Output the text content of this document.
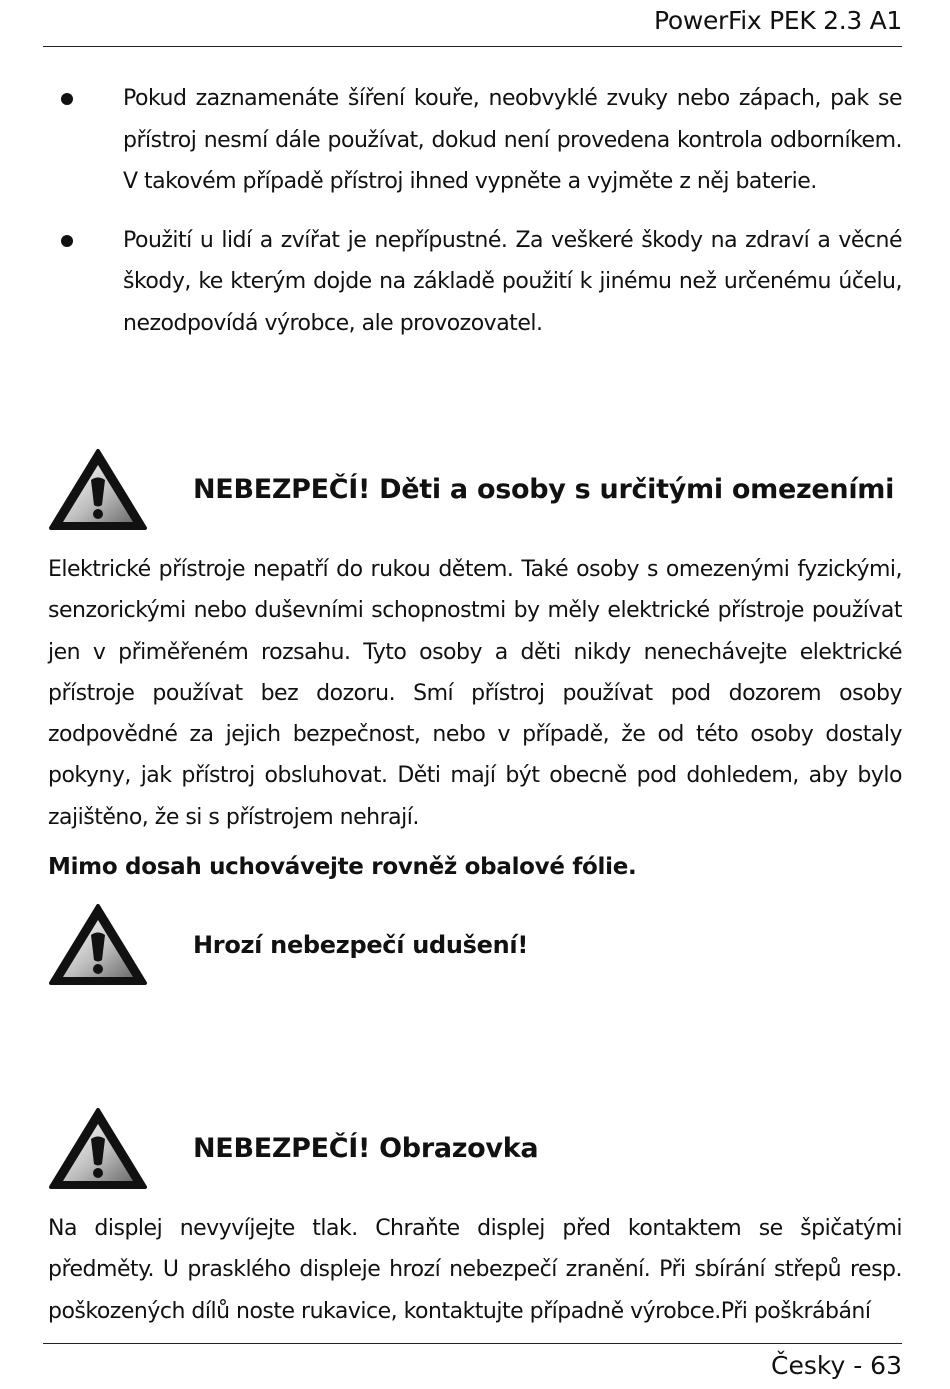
PowerFix PEK 2.3 A1
Pokud zaznamenáte šíření kouře, neobvyklé zvuky nebo zápach, pak se přístroj nesmí dále používat, dokud není provedena kontrola odborníkem. V takovém případě přístroj ihned vypněte a vyjměte z něj baterie.
Použití u lidí a zvířat je nepřípustné. Za veškeré škody na zdraví a věcné škody, ke kterým dojde na základě použití k jinému než určenému účelu, nezodpovídá výrobce, ale provozovatel.
NEBEZPEČÍ! Děti a osoby s určitými omezeními

Elektrické přístroje nepatří do rukou dětem. Také osoby s omezenými fyzickými, senzorickými nebo duševními schopnostmi by měly elektrické přístroje používat jen v přiměřeném rozsahu. Tyto osoby a děti nikdy nenechávejte elektrické přístroje používat bez dozoru. Smí přístroj používat pod dozorem osoby zodpovědné za jejich bezpečnost, nebo v případě, že od této osoby dostaly pokyny, jak přístroj obsluhovat. Děti mají být obecně pod dohledem, aby bylo zajištěno, že si s přístrojem nehrají.

Mimo dosah uchovávejte rovněž obalové fólie.

Hrozí nebezpečí udušení!
NEBEZPEČÍ! Obrazovka

Na displej nevyvíjejte tlak. Chraňte displej před kontaktem se špičatými předměty. U prasklého displeje hrozí nebezpečí zranění. Při sbírání střepů resp. poškozených dílů noste rukavice, kontaktujte případně výrobce.Při poškrábání

Česky - 63
